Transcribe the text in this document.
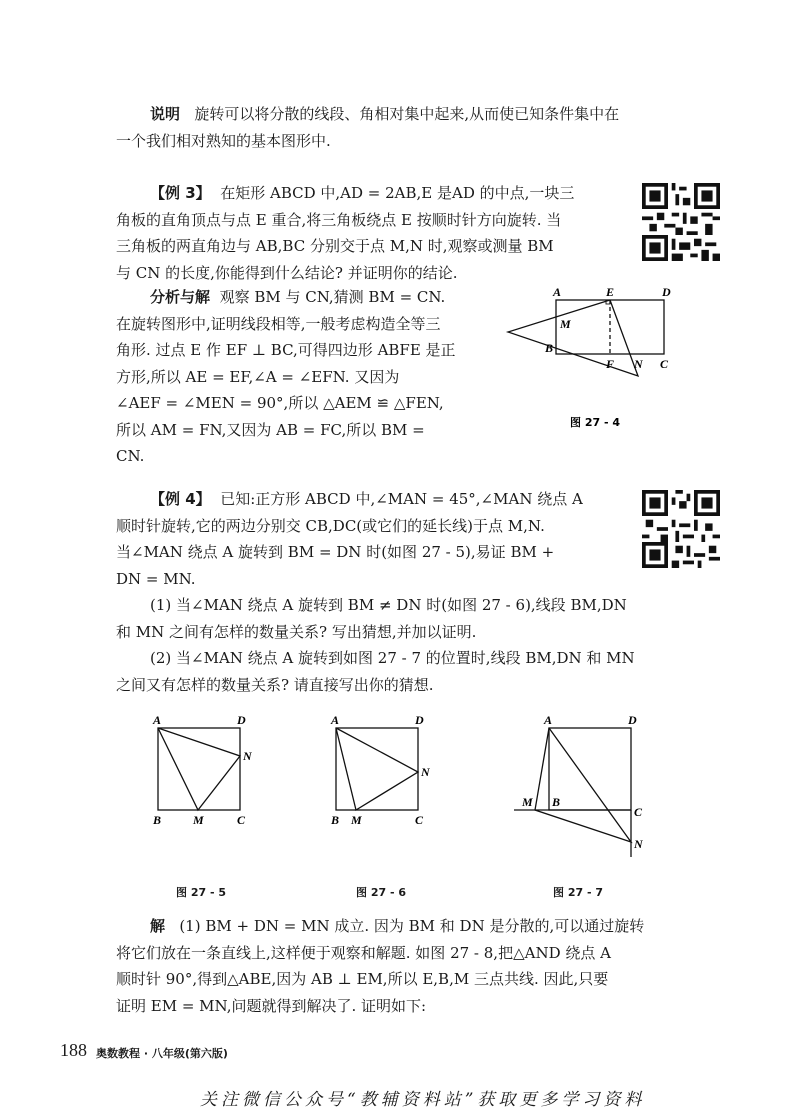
说明 旋转可以将分散的线段、角相对集中起来,从而使已知条件集中在

一个我们相对熟知的基本图形中.

【例 3】 在矩形 ABCD 中,AD = 2AB,E 是AD 的中点,一块三

角板的直角顶点与点 E 重合,将三角板绕点 E 按顺时针方向旋转. 当

三角板的两直角边与 AB,BC 分别交于点 M,N 时,观察或测量 BM

与 CN 的长度,你能得到什么结论? 并证明你的结论.

分析与解 观察 BM 与 CN,猜测 BM = CN.

在旋转图形中,证明线段相等,一般考虑构造全等三

角形. 过点 E 作 EF ⊥ BC,可得四边形 ABFE 是正

方形,所以 AE = EF,∠A = ∠EFN. 又因为

∠AEF = ∠MEN = 90°,所以 △AEM ≌ △FEN,

所以 AM = FN,又因为 AB = FC,所以 BM =

CN.

A	E	D
M
B
F N C
图 27 - 4

【例 4】 已知:正方形 ABCD 中,∠MAN = 45°,∠MAN 绕点 A

顺时针旋转,它的两边分别交 CB,DC(或它们的延长线)于点 M,N.

当∠MAN 绕点 A 旋转到 BM = DN 时(如图 27 - 5),易证 BM +

DN = MN.

(1) 当∠MAN 绕点 A 旋转到 BM ≠ DN 时(如图 27 - 6),线段 BM,DN

和 MN 之间有怎样的数量关系? 写出猜想,并加以证明.

(2) 当∠MAN 绕点 A 旋转到如图 27 - 7 的位置时,线段 BM,DN 和 MN

之间又有怎样的数量关系? 请直接写出你的猜想.

A	D
N
B	M	C
图 27 - 5
A	D
N
B M	C
图 27 - 6
A	D
M B
C
N
图 27 - 7

解 (1) BM + DN = MN 成立. 因为 BM 和 DN 是分散的,可以通过旋转

将它们放在一条直线上,这样便于观察和解题. 如图 27 - 8,把△AND 绕点 A

顺时针 90°,得到△ABE,因为 AB ⊥ EM,所以 E,B,M 三点共线. 因此,只要

证明 EM = MN,问题就得到解决了. 证明如下:

188 奥数教程 · 八年级(第六版)
关注微信公众号“教辅资料站”获取更多学习资料
